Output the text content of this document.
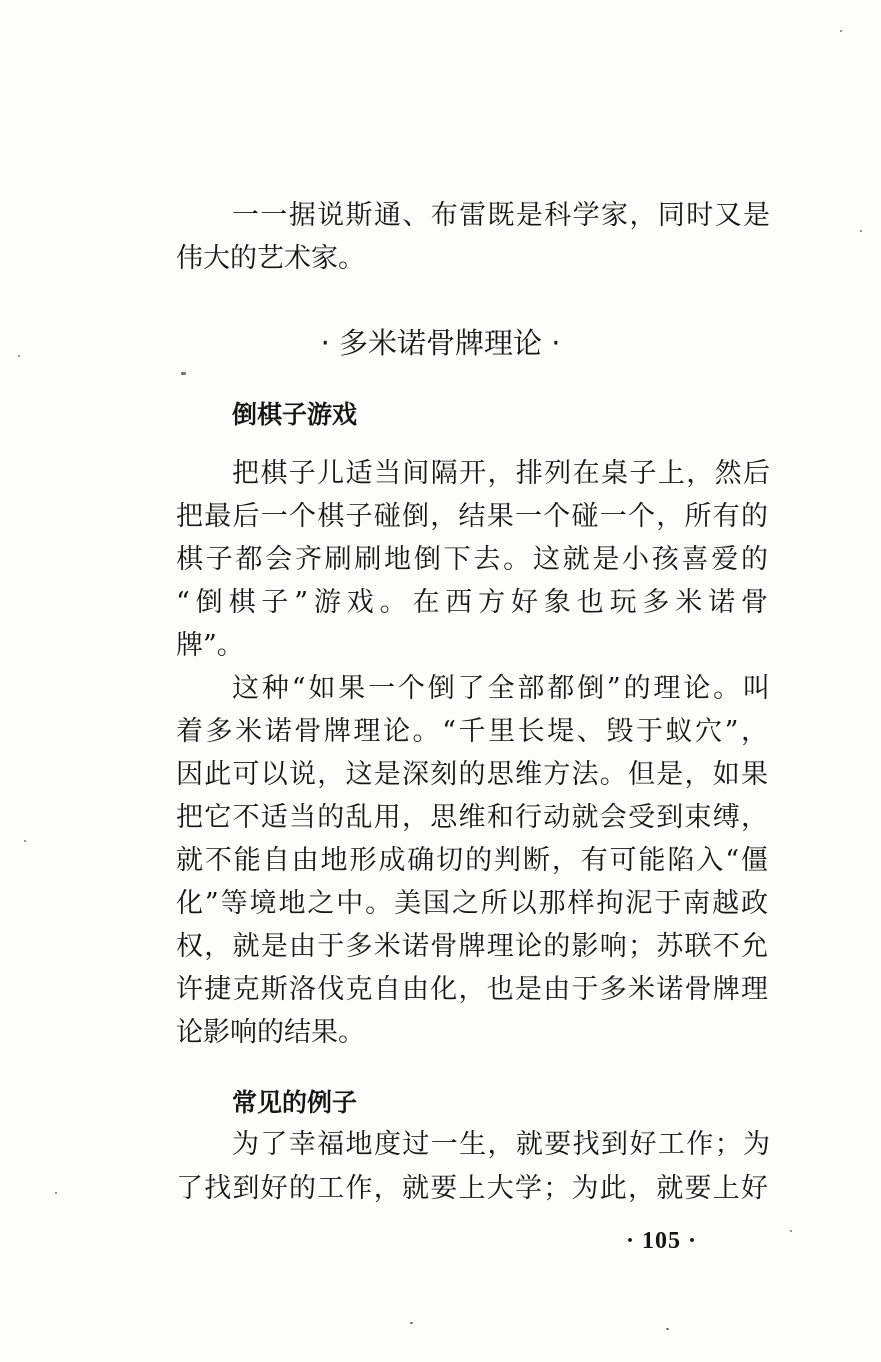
一一据说斯通、布雷既是科学家，同时又是
伟大的艺术家。
· 多米诺骨牌理论 ·
倒棋子游戏
把棋子儿适当间隔开，排列在桌子上，然后
把最后一个棋子碰倒，结果一个碰一个，所有的
棋子都会齐刷刷地倒下去。这就是小孩喜爱的
“倒棋子”游戏。在西方好象也玩多米诺骨
牌”。
这种“如果一个倒了全部都倒”的理论。叫
着多米诺骨牌理论。“千里长堤、毁于蚁穴”，
因此可以说，这是深刻的思维方法。但是，如果
把它不适当的乱用，思维和行动就会受到束缚，
就不能自由地形成确切的判断，有可能陷入“僵
化”等境地之中。美国之所以那样拘泥于南越政
权，就是由于多米诺骨牌理论的影响；苏联不允
许捷克斯洛伐克自由化，也是由于多米诺骨牌理
论影响的结果。
常见的例子
为了幸福地度过一生，就要找到好工作；为
了找到好的工作，就要上大学；为此，就要上好
· 105 ·
